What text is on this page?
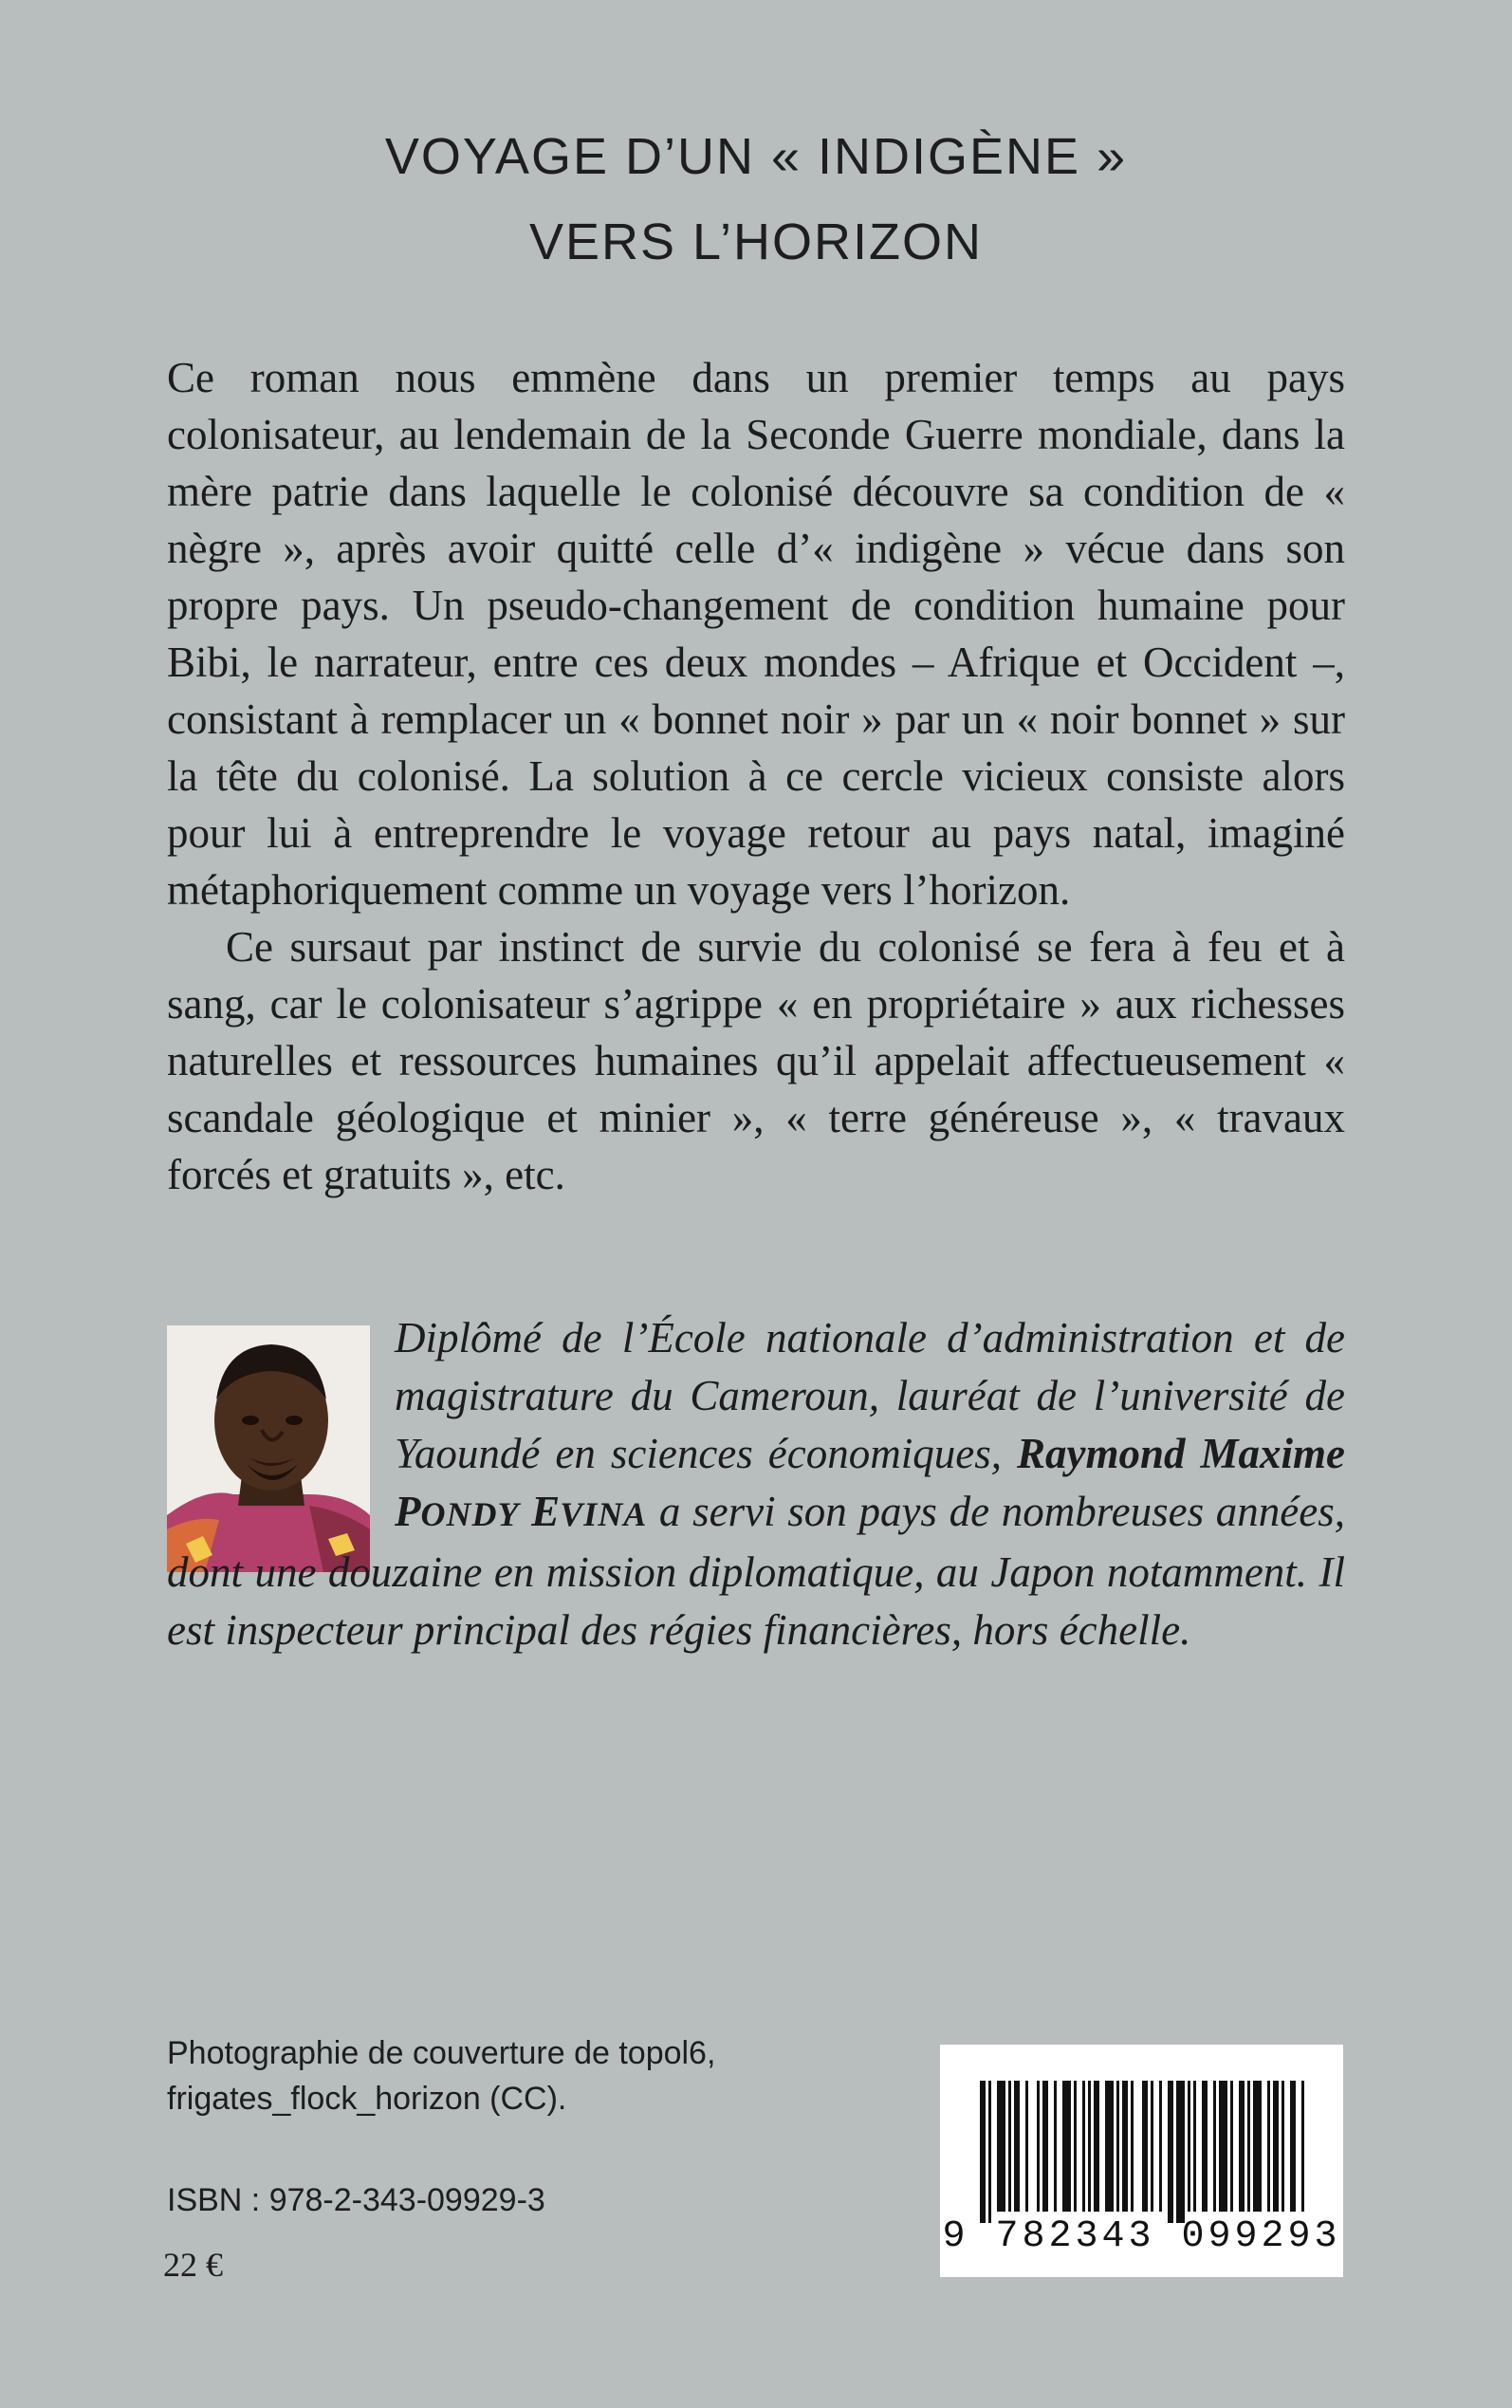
VOYAGE D’UN « INDIGÈNE »
VERS L’HORIZON

Ce roman nous emmène dans un premier temps au pays colonisateur, au lendemain de la Seconde Guerre mondiale, dans la mère patrie dans laquelle le colonisé découvre sa condition de « nègre », après avoir quitté celle d’« indigène » vécue dans son propre pays. Un pseudo-changement de condition humaine pour Bibi, le narrateur, entre ces deux mondes – Afrique et Occident –, consistant à remplacer un « bonnet noir » par un « noir bonnet » sur la tête du colonisé. La solution à ce cercle vicieux consiste alors pour lui à entreprendre le voyage retour au pays natal, imaginé métaphoriquement comme un voyage vers l’horizon.

Ce sursaut par instinct de survie du colonisé se fera à feu et à sang, car le colonisateur s’agrippe « en propriétaire » aux richesses naturelles et ressources humaines qu’il appelait affectueusement « scandale géologique et minier », « terre généreuse », « travaux forcés et gratuits », etc.

Diplômé de l’École nationale d’administration et de magistrature du Cameroun, lauréat de l’université de Yaoundé en sciences économiques, Raymond Maxime PONDY EVINA a servi son pays de nombreuses années, dont une douzaine en mission diplomatique, au Japon notamment. Il est inspecteur principal des régies financières, hors échelle.
Photographie de couverture de topol6,
frigates_flock_horizon (CC).
ISBN : 978-2-343-09929-3
22 €
9 782343 099293
